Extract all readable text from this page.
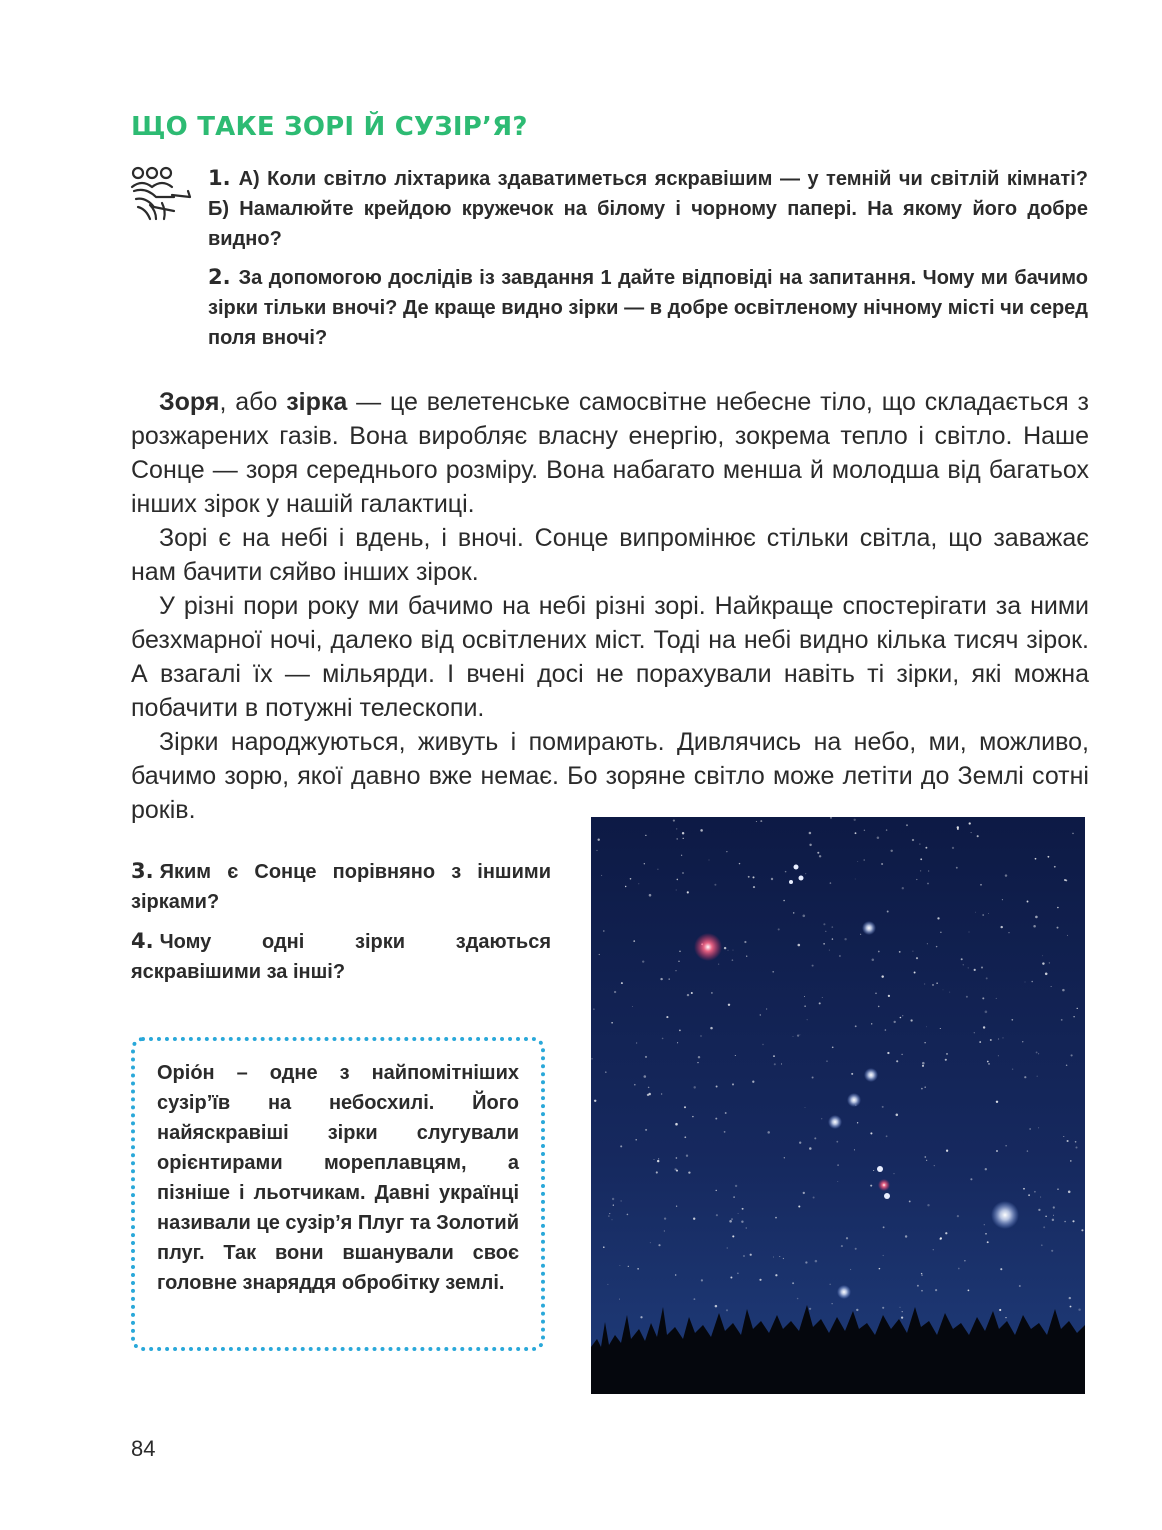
ЩО ТАКЕ ЗОРІ Й СУЗІР’Я?

1. А) Коли світло ліхтарика здаватиметься яскравішим — у темній чи світлій кімнаті? Б) Намалюйте крейдою кружечок на білому і чорному папері. На якому його добре видно?

2. За допомогою дослідів із завдання 1 дайте відповіді на запитання. Чому ми бачимо зірки тільки вночі? Де краще видно зірки — в добре освітленому нічному місті чи серед поля вночі?

Зоря, або зірка — це велетенське самосвітне небесне тіло, що складається з розжарених газів. Вона виробляє власну енергію, зокрема тепло і світло. Наше Сонце — зоря середнього розміру. Вона набагато менша й молодша від багатьох інших зірок у нашій галактиці.

Зорі є на небі і вдень, і вночі. Сонце випромінює стільки світла, що заважає нам бачити сяйво інших зірок.

У різні пори року ми бачимо на небі різні зорі. Найкраще спостерігати за ними безхмарної ночі, далеко від освітлених міст. Тоді на небі видно кілька тисяч зірок. А взагалі їх — мільярди. І вчені досі не порахували навіть ті зірки, які можна побачити в потужні телескопи.

Зірки народжуються, живуть і помирають. Дивлячись на небо, ми, можливо, бачимо зорю, якої давно вже немає. Бо зоряне світло може летіти до Землі сотні років.

3. Яким є Сонце порівняно з іншими зірками?

4. Чому одні зірки здаються яскравішими за інші?

Оріо́н – одне з найпомітніших сузір’їв на небосхилі. Його найяскравіші зірки слугували орієнтирами мореплавцям, а пізніше і льотчикам. Давні українці називали це сузір’я Плуг та Золотий плуг. Так вони вшанували своє головне знаряддя обробітку землі.

84
